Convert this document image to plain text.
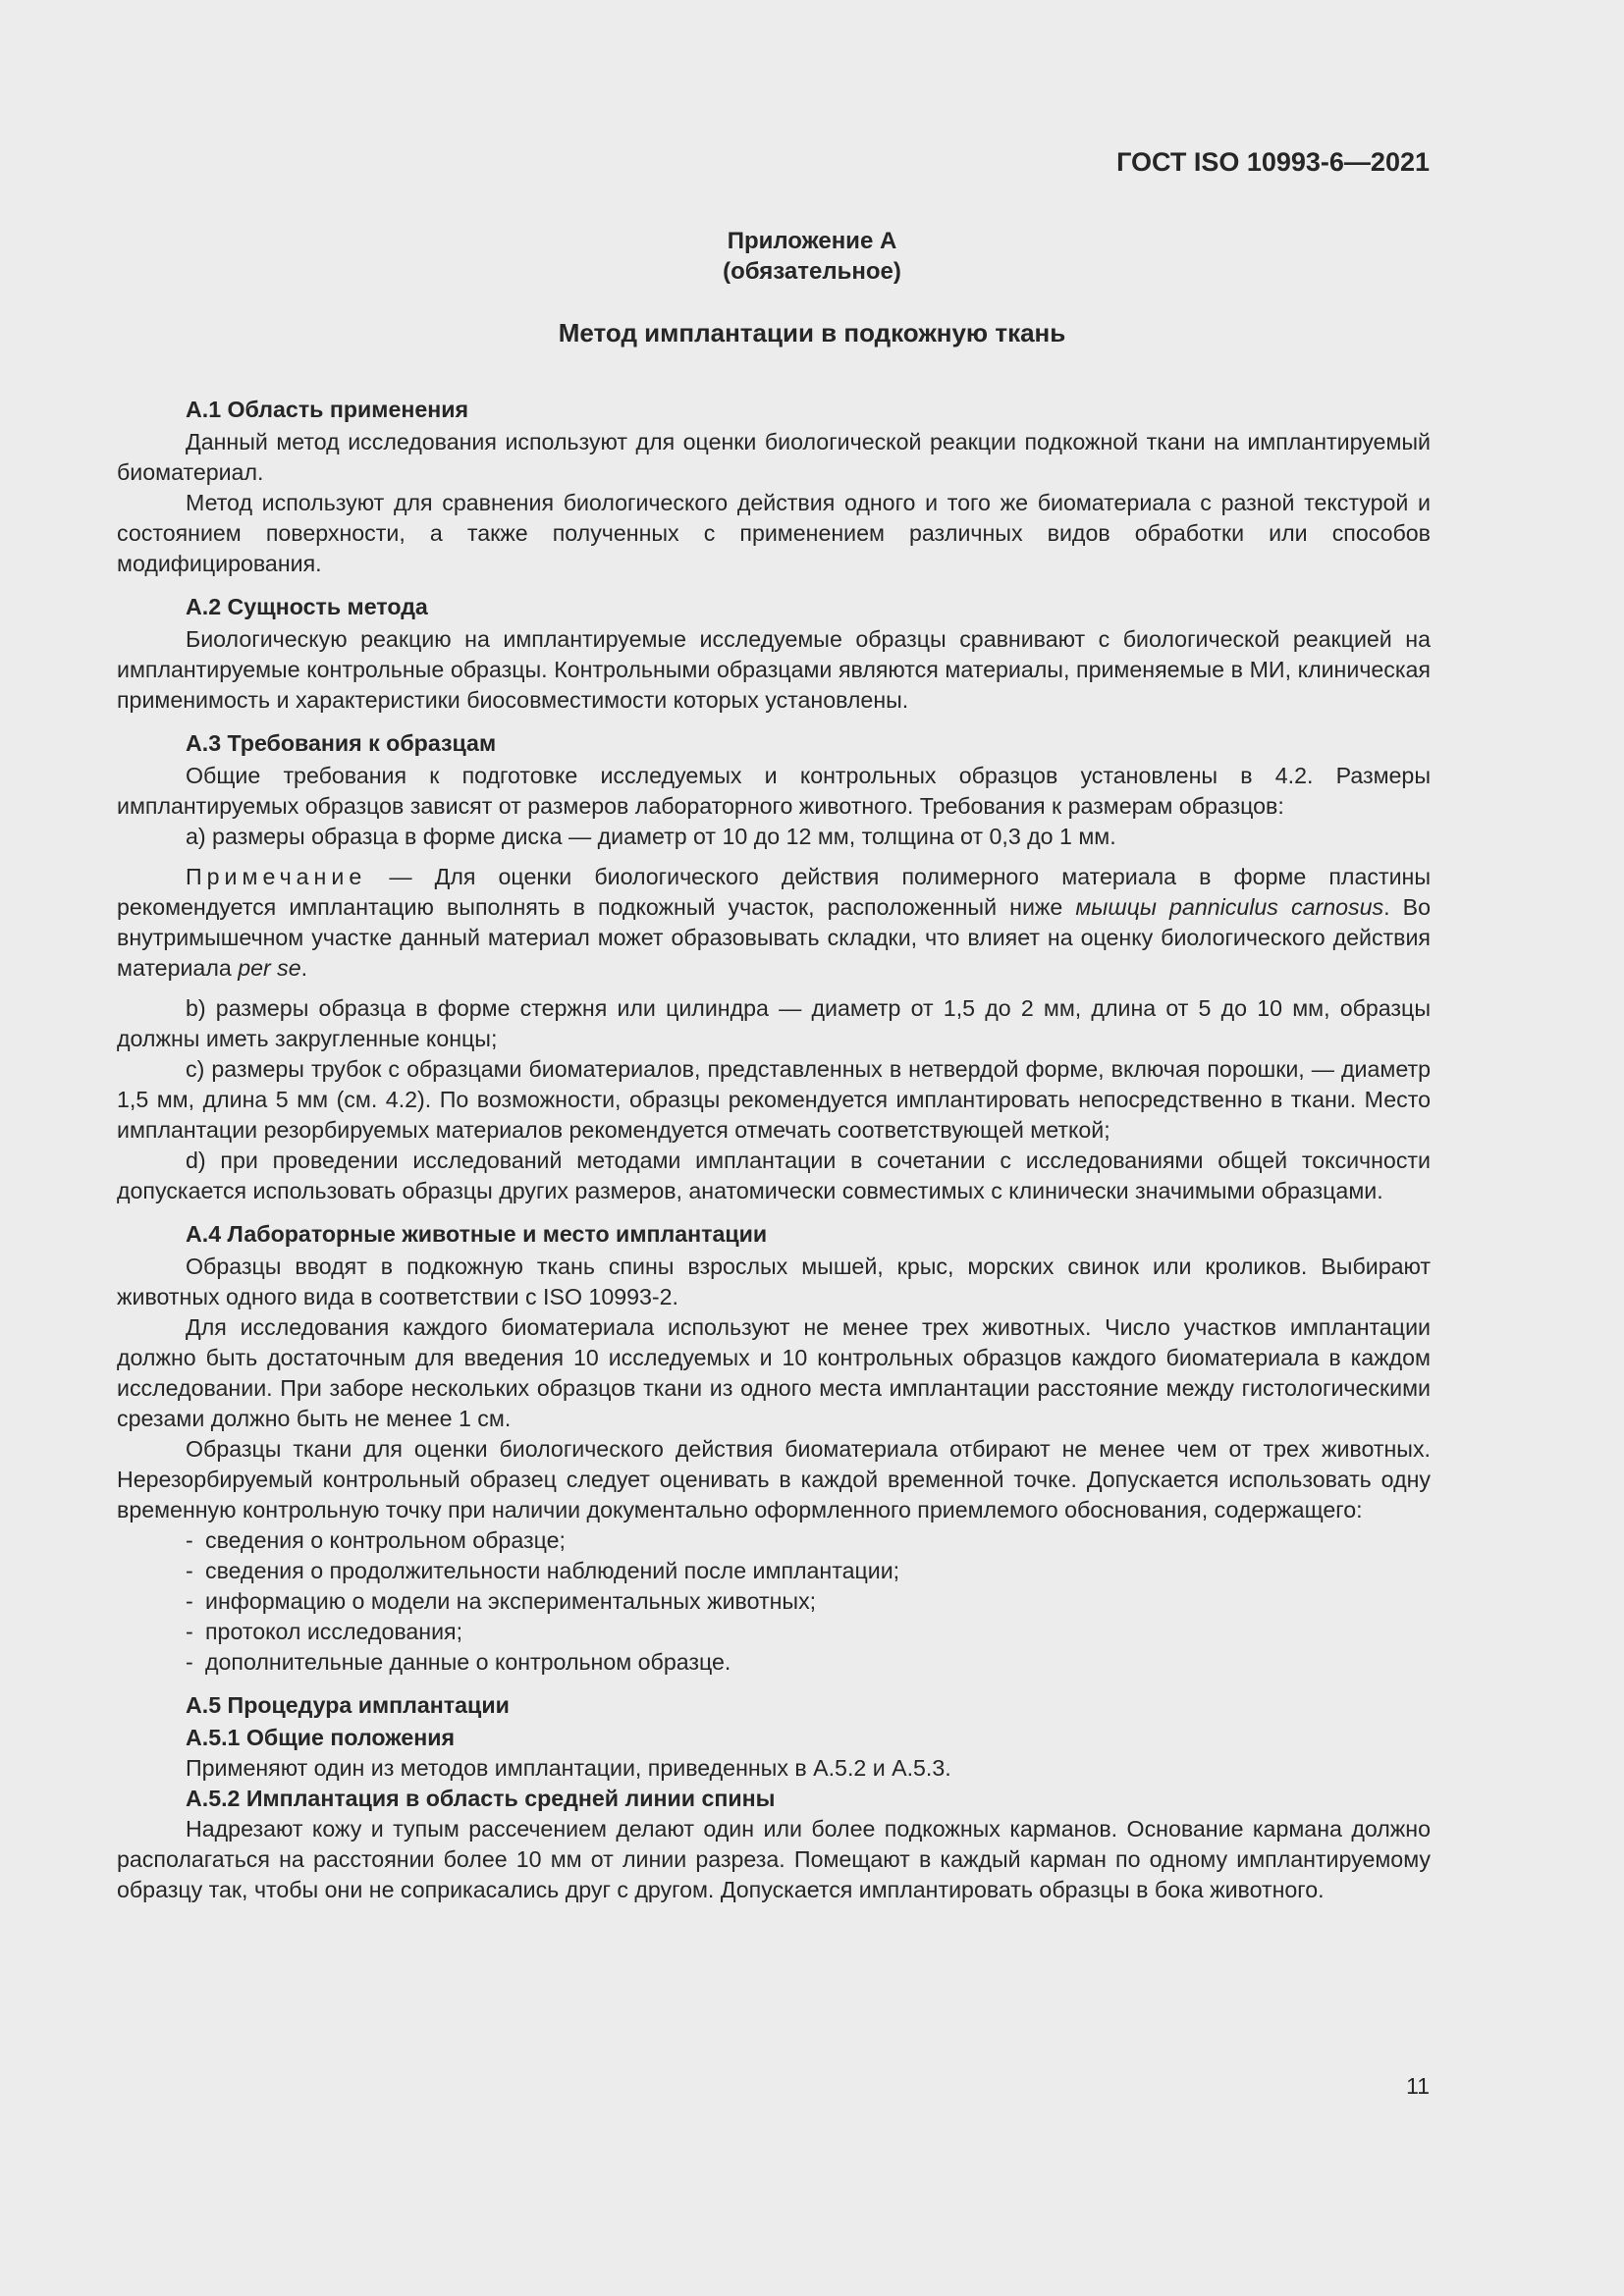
ГОСТ ISO 10993-6—2021
Приложение А
(обязательное)
Метод имплантации в подкожную ткань
А.1 Область применения

Данный метод исследования используют для оценки биологической реакции подкожной ткани на имплантируемый биоматериал.

Метод используют для сравнения биологического действия одного и того же биоматериала с разной текстурой и состоянием поверхности, а также полученных с применением различных видов обработки или способов модифицирования.

А.2 Сущность метода

Биологическую реакцию на имплантируемые исследуемые образцы сравнивают с биологической реакцией на имплантируемые контрольные образцы. Контрольными образцами являются материалы, применяемые в МИ, клиническая применимость и характеристики биосовместимости которых установлены.

А.3 Требования к образцам

Общие требования к подготовке исследуемых и контрольных образцов установлены в 4.2. Размеры имплантируемых образцов зависят от размеров лабораторного животного. Требования к размерам образцов:

а) размеры образца в форме диска — диаметр от 10 до 12 мм, толщина от 0,3 до 1 мм.

Примечание — Для оценки биологического действия полимерного материала в форме пластины рекомендуется имплантацию выполнять в подкожный участок, расположенный ниже мышцы panniculus carnosus. Во внутримышечном участке данный материал может образовывать складки, что влияет на оценку биологического действия материала per se.

b) размеры образца в форме стержня или цилиндра — диаметр от 1,5 до 2 мм, длина от 5 до 10 мм, образцы должны иметь закругленные концы;

с) размеры трубок с образцами биоматериалов, представленных в нетвердой форме, включая порошки, — диаметр 1,5 мм, длина 5 мм (см. 4.2). По возможности, образцы рекомендуется имплантировать непосредственно в ткани. Место имплантации резорбируемых материалов рекомендуется отмечать соответствующей меткой;

d) при проведении исследований методами имплантации в сочетании с исследованиями общей токсичности допускается использовать образцы других размеров, анатомически совместимых с клинически значимыми образцами.

А.4 Лабораторные животные и место имплантации

Образцы вводят в подкожную ткань спины взрослых мышей, крыс, морских свинок или кроликов. Выбирают животных одного вида в соответствии с ISO 10993-2.

Для исследования каждого биоматериала используют не менее трех животных. Число участков имплантации должно быть достаточным для введения 10 исследуемых и 10 контрольных образцов каждого биоматериала в каждом исследовании. При заборе нескольких образцов ткани из одного места имплантации расстояние между гистологическими срезами должно быть не менее 1 см.

Образцы ткани для оценки биологического действия биоматериала отбирают не менее чем от трех животных. Нерезорбируемый контрольный образец следует оценивать в каждой временной точке. Допускается использовать одну временную контрольную точку при наличии документально оформленного приемлемого обоснования, содержащего:

- сведения о контрольном образце;
- сведения о продолжительности наблюдений после имплантации;
- информацию о модели на экспериментальных животных;
- протокол исследования;
- дополнительные данные о контрольном образце.
А.5 Процедура имплантации
А.5.1 Общие положения

Применяют один из методов имплантации, приведенных в А.5.2 и А.5.3.

А.5.2 Имплантация в область средней линии спины

Надрезают кожу и тупым рассечением делают один или более подкожных карманов. Основание кармана должно располагаться на расстоянии более 10 мм от линии разреза. Помещают в каждый карман по одному имплантируемому образцу так, чтобы они не соприкасались друг с другом. Допускается имплантировать образцы в бока животного.

11
